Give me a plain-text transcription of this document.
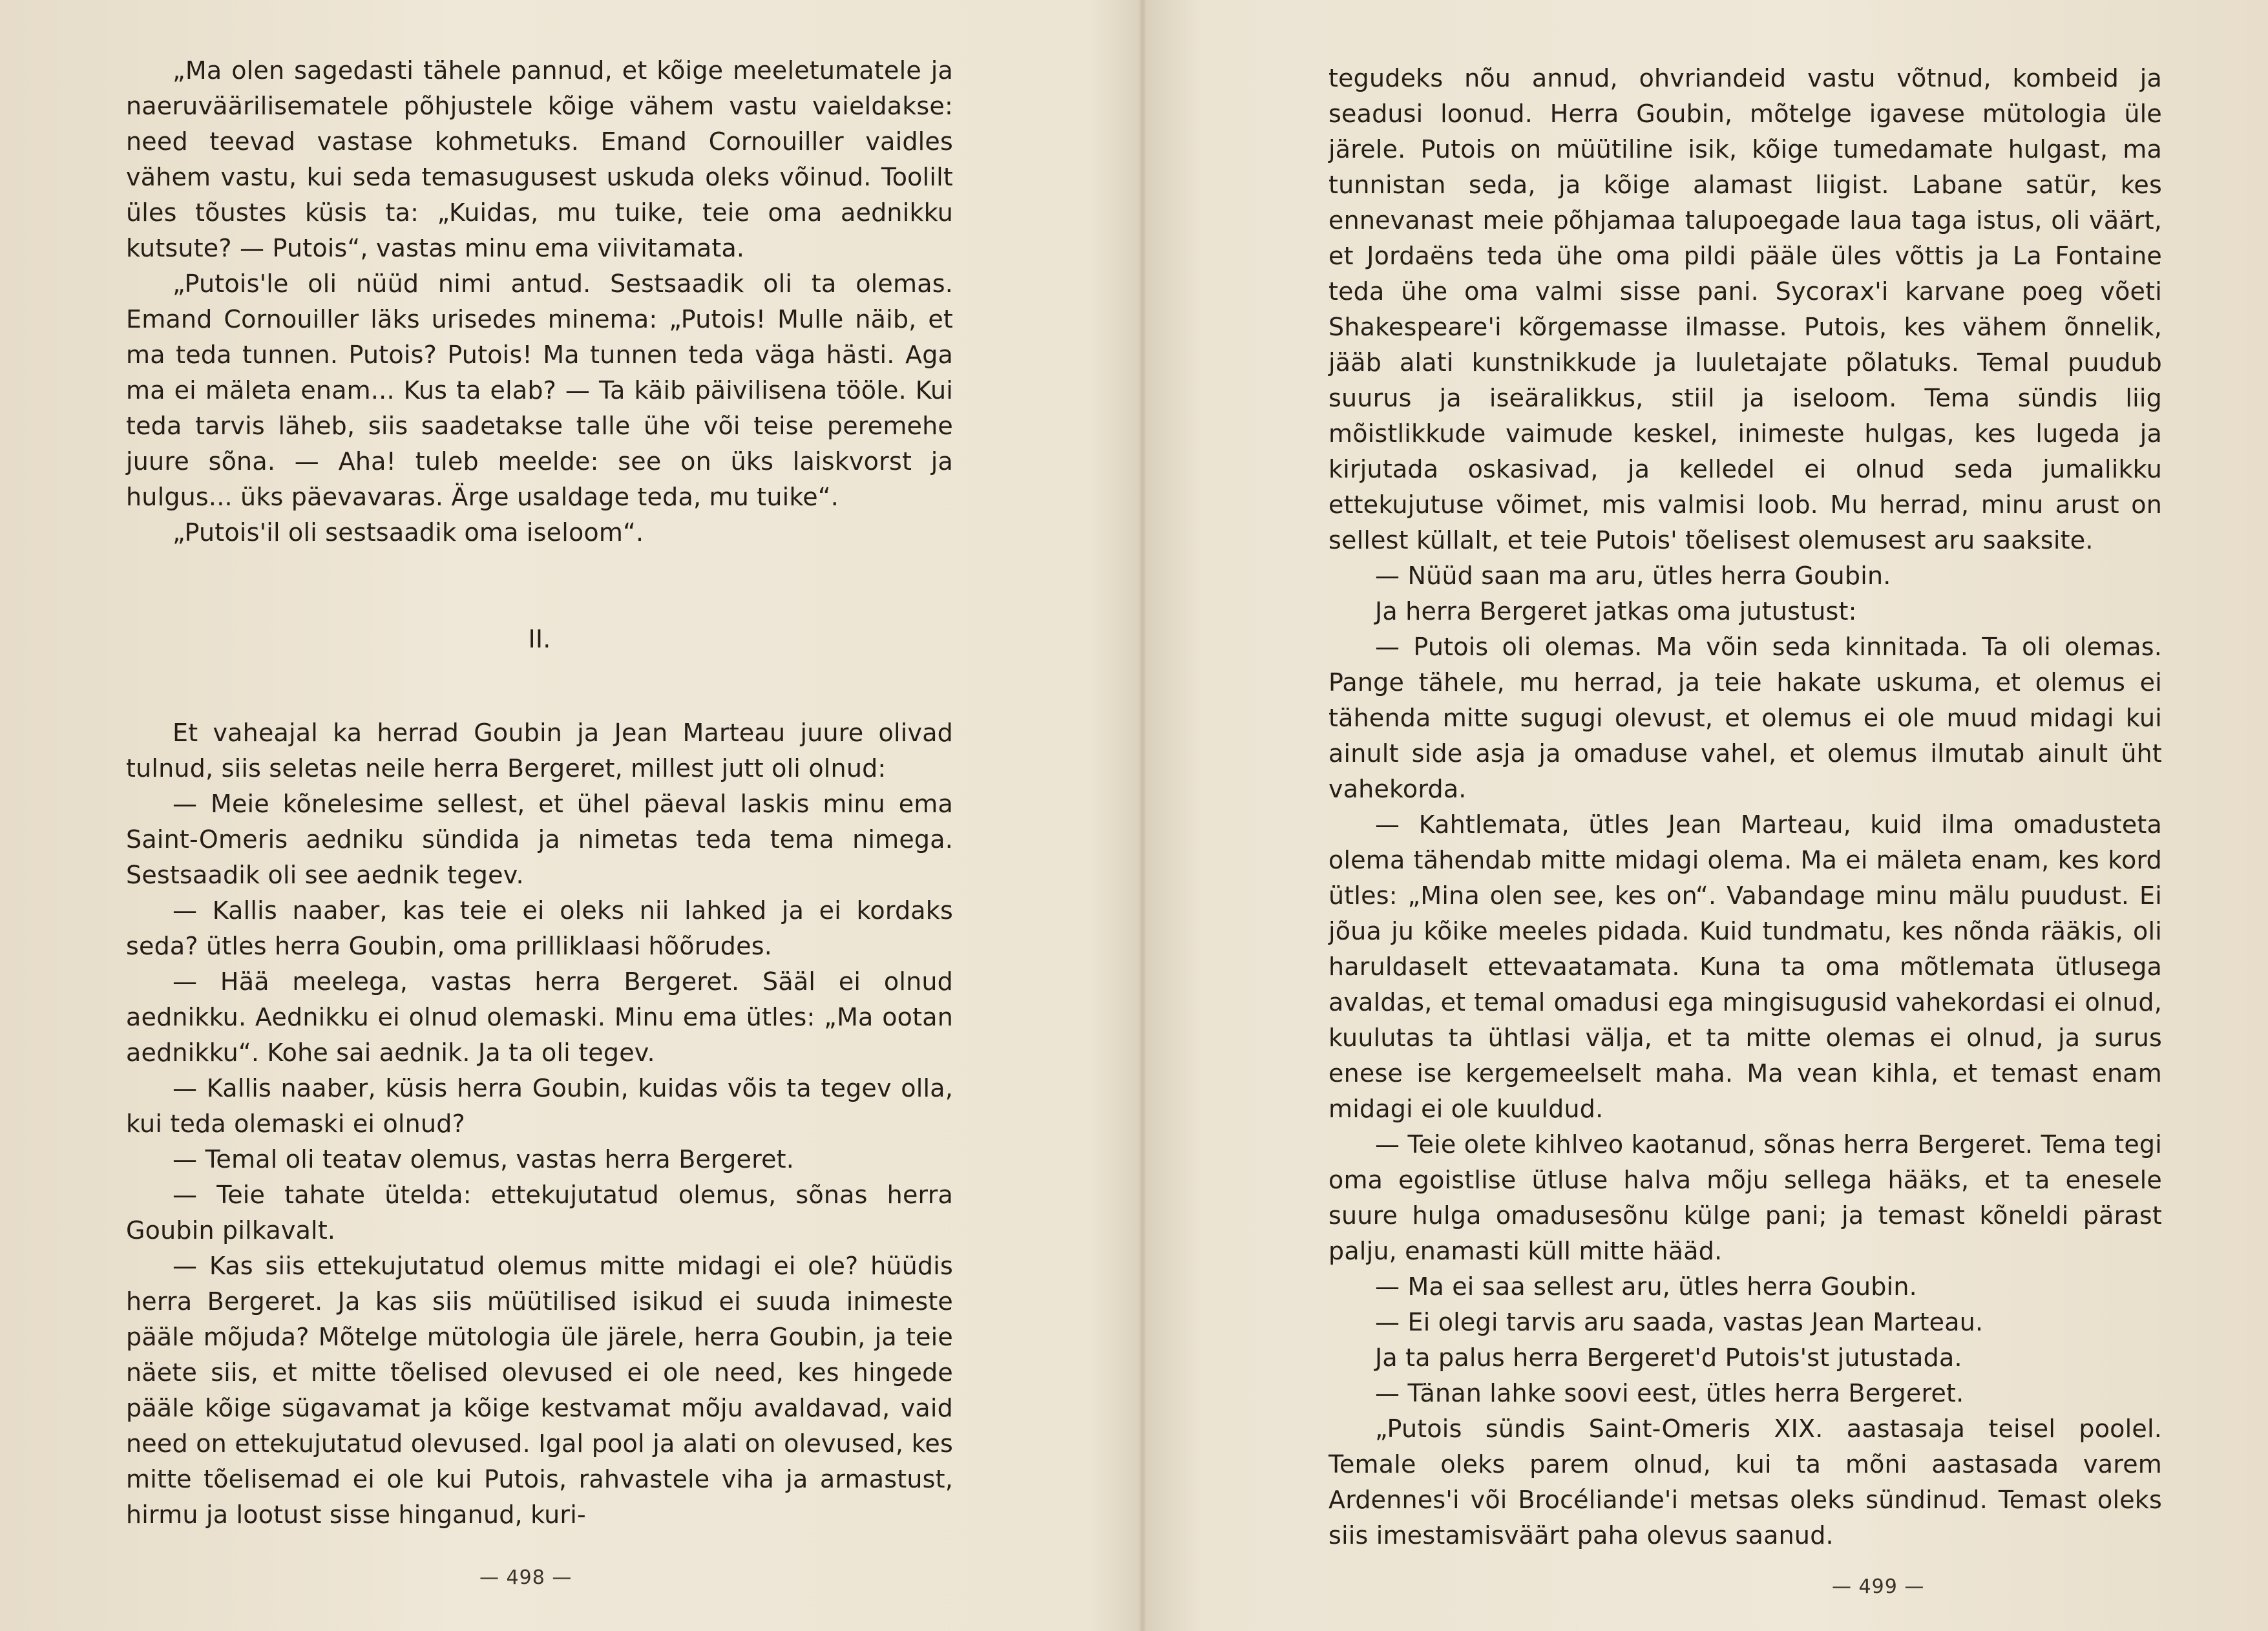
„Ma olen sagedasti tähele pannud, et kõige meeletumatele ja naeruväärilisematele põhjustele kõige vähem vastu vaieldakse: need teevad vastase kohmetuks. Emand Cornouiller vaidles vähem vastu, kui seda temasugusest uskuda oleks võinud. Toolilt üles tõustes küsis ta: „Kuidas, mu tuike, teie oma aednikku kutsute? — Putois“, vastas minu ema viivitamata.

„Putois'le oli nüüd nimi antud. Sestsaadik oli ta olemas. Emand Cornouiller läks urisedes minema: „Putois! Mulle näib, et ma teda tunnen. Putois? Putois! Ma tunnen teda väga hästi. Aga ma ei mäleta enam... Kus ta elab? — Ta käib päivilisena tööle. Kui teda tarvis läheb, siis saadetakse talle ühe või teise peremehe juure sõna. — Aha! tuleb meelde: see on üks laiskvorst ja hulgus... üks päevavaras. Ärge usaldage teda, mu tuike“.

„Putois'il oli sestsaadik oma iseloom“.

II.

Et vaheajal ka herrad Goubin ja Jean Marteau juure olivad tulnud, siis seletas neile herra Bergeret, millest jutt oli olnud:

— Meie kõnelesime sellest, et ühel päeval laskis minu ema Saint-Omeris aedniku sündida ja nimetas teda tema nimega. Sestsaadik oli see aednik tegev.

— Kallis naaber, kas teie ei oleks nii lahked ja ei kordaks seda? ütles herra Goubin, oma prilliklaasi hõõrudes.

— Hää meelega, vastas herra Bergeret. Sääl ei olnud aednikku. Aednikku ei olnud olemaski. Minu ema ütles: „Ma ootan aednikku“. Kohe sai aednik. Ja ta oli tegev.

— Kallis naaber, küsis herra Goubin, kuidas võis ta tegev olla, kui teda olemaski ei olnud?

— Temal oli teatav olemus, vastas herra Bergeret.

— Teie tahate ütelda: ettekujutatud olemus, sõnas herra Goubin pilkavalt.

— Kas siis ettekujutatud olemus mitte midagi ei ole? hüüdis herra Bergeret. Ja kas siis müütilised isikud ei suuda inimeste pääle mõjuda? Mõtelge mütologia üle järele, herra Goubin, ja teie näete siis, et mitte tõelised olevused ei ole need, kes hingede pääle kõige sügavamat ja kõige kestvamat mõju avaldavad, vaid need on ettekujutatud olevused. Igal pool ja alati on olevused, kes mitte tõelisemad ei ole kui Putois, rahvastele viha ja armastust, hirmu ja lootust sisse hinganud, kuri-

— 498 —

tegudeks nõu annud, ohvriandeid vastu võtnud, kombeid ja seadusi loonud. Herra Goubin, mõtelge igavese mütologia üle järele. Putois on müütiline isik, kõige tumedamate hulgast, ma tunnistan seda, ja kõige alamast liigist. Labane satür, kes ennevanast meie põhjamaa talupoegade laua taga istus, oli väärt, et Jordaëns teda ühe oma pildi pääle üles võttis ja La Fontaine teda ühe oma valmi sisse pani. Sycorax'i karvane poeg võeti Shakespeare'i kõrgemasse ilmasse. Putois, kes vähem õnnelik, jääb alati kunstnikkude ja luuletajate põlatuks. Temal puudub suurus ja iseäralikkus, stiil ja iseloom. Tema sündis liig mõistlikkude vaimude keskel, inimeste hulgas, kes lugeda ja kirjutada oskasivad, ja kelledel ei olnud seda jumalikku ettekujutuse võimet, mis valmisi loob. Mu herrad, minu arust on sellest küllalt, et teie Putois' tõelisest olemusest aru saaksite.

— Nüüd saan ma aru, ütles herra Goubin.

Ja herra Bergeret jatkas oma jutustust:

— Putois oli olemas. Ma võin seda kinnitada. Ta oli olemas. Pange tähele, mu herrad, ja teie hakate uskuma, et olemus ei tähenda mitte sugugi olevust, et olemus ei ole muud midagi kui ainult side asja ja omaduse vahel, et olemus ilmutab ainult üht vahekorda.

— Kahtlemata, ütles Jean Marteau, kuid ilma omadusteta olema tähendab mitte midagi olema. Ma ei mäleta enam, kes kord ütles: „Mina olen see, kes on“. Vabandage minu mälu puudust. Ei jõua ju kõike meeles pidada. Kuid tundmatu, kes nõnda rääkis, oli haruldaselt ettevaatamata. Kuna ta oma mõtlemata ütlusega avaldas, et temal omadusi ega mingisugusid vahekordasi ei olnud, kuulutas ta ühtlasi välja, et ta mitte olemas ei olnud, ja surus enese ise kergemeelselt maha. Ma vean kihla, et temast enam midagi ei ole kuuldud.

— Teie olete kihlveo kaotanud, sõnas herra Bergeret. Tema tegi oma egoistlise ütluse halva mõju sellega hääks, et ta enesele suure hulga omadusesõnu külge pani; ja temast kõneldi pärast palju, enamasti küll mitte hääd.

— Ma ei saa sellest aru, ütles herra Goubin.

— Ei olegi tarvis aru saada, vastas Jean Marteau.

Ja ta palus herra Bergeret'd Putois'st jutustada.

— Tänan lahke soovi eest, ütles herra Bergeret.

„Putois sündis Saint-Omeris XIX. aastasaja teisel poolel. Temale oleks parem olnud, kui ta mõni aastasada varem Ardennes'i või Brocéliande'i metsas oleks sündinud. Temast oleks siis imestamisväärt paha olevus saanud.

— 499 —
